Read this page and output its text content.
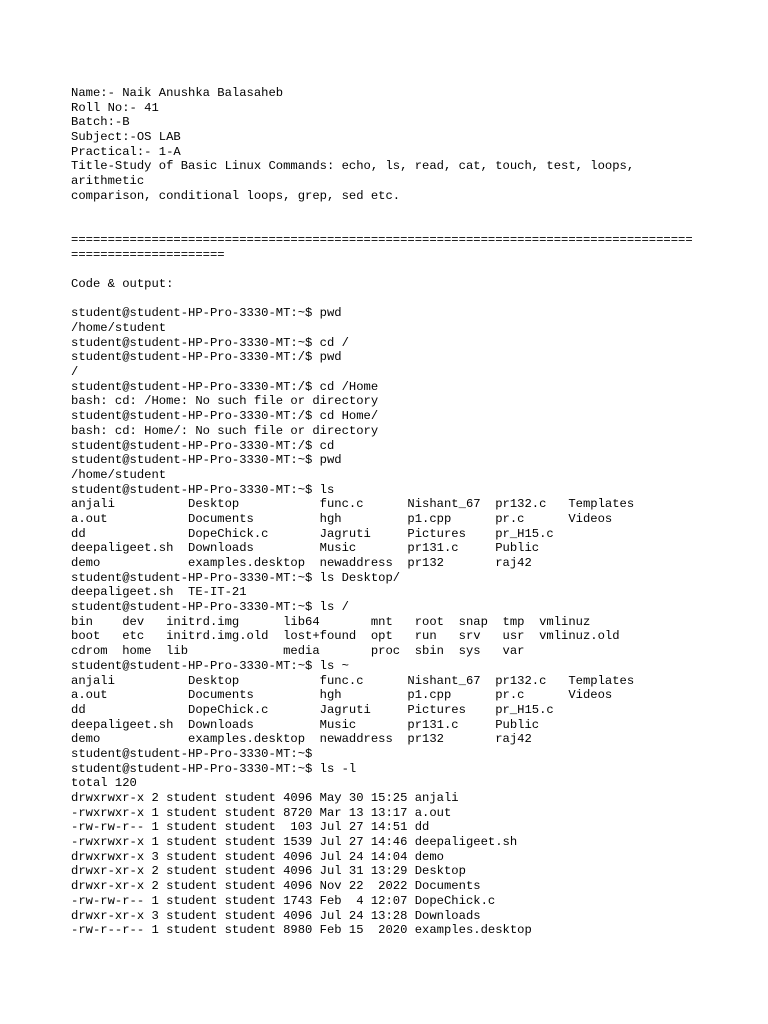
Name:- Naik Anushka Balasaheb
Roll No:- 41
Batch:-B
Subject:-OS LAB
Practical:- 1-A
Title-Study of Basic Linux Commands: echo, ls, read, cat, touch, test, loops,
arithmetic
comparison, conditional loops, grep, sed etc.
=====================================================================================
=====================
Code & output:
student@student-HP-Pro-3330-MT:~$ pwd
/home/student
student@student-HP-Pro-3330-MT:~$ cd /
student@student-HP-Pro-3330-MT:/$ pwd
/
student@student-HP-Pro-3330-MT:/$ cd /Home
bash: cd: /Home: No such file or directory
student@student-HP-Pro-3330-MT:/$ cd Home/
bash: cd: Home/: No such file or directory
student@student-HP-Pro-3330-MT:/$ cd
student@student-HP-Pro-3330-MT:~$ pwd
/home/student
student@student-HP-Pro-3330-MT:~$ ls
anjali          Desktop           func.c      Nishant_67  pr132.c   Templates
a.out           Documents         hgh         p1.cpp      pr.c      Videos
dd              DopeChick.c       Jagruti     Pictures    pr_H15.c
deepaligeet.sh  Downloads         Music       pr131.c     Public
demo            examples.desktop  newaddress  pr132       raj42
student@student-HP-Pro-3330-MT:~$ ls Desktop/
deepaligeet.sh  TE-IT-21
student@student-HP-Pro-3330-MT:~$ ls /
bin    dev   initrd.img      lib64       mnt   root  snap  tmp  vmlinuz
boot   etc   initrd.img.old  lost+found  opt   run   srv   usr  vmlinuz.old
cdrom  home  lib             media       proc  sbin  sys   var
student@student-HP-Pro-3330-MT:~$ ls ~
anjali          Desktop           func.c      Nishant_67  pr132.c   Templates
a.out           Documents         hgh         p1.cpp      pr.c      Videos
dd              DopeChick.c       Jagruti     Pictures    pr_H15.c
deepaligeet.sh  Downloads         Music       pr131.c     Public
demo            examples.desktop  newaddress  pr132       raj42
student@student-HP-Pro-3330-MT:~$
student@student-HP-Pro-3330-MT:~$ ls -l
total 120
drwxrwxr-x 2 student student 4096 May 30 15:25 anjali
-rwxrwxr-x 1 student student 8720 Mar 13 13:17 a.out
-rw-rw-r-- 1 student student  103 Jul 27 14:51 dd
-rwxrwxr-x 1 student student 1539 Jul 27 14:46 deepaligeet.sh
drwxrwxr-x 3 student student 4096 Jul 24 14:04 demo
drwxr-xr-x 2 student student 4096 Jul 31 13:29 Desktop
drwxr-xr-x 2 student student 4096 Nov 22  2022 Documents
-rw-rw-r-- 1 student student 1743 Feb  4 12:07 DopeChick.c
drwxr-xr-x 3 student student 4096 Jul 24 13:28 Downloads
-rw-r--r-- 1 student student 8980 Feb 15  2020 examples.desktop
